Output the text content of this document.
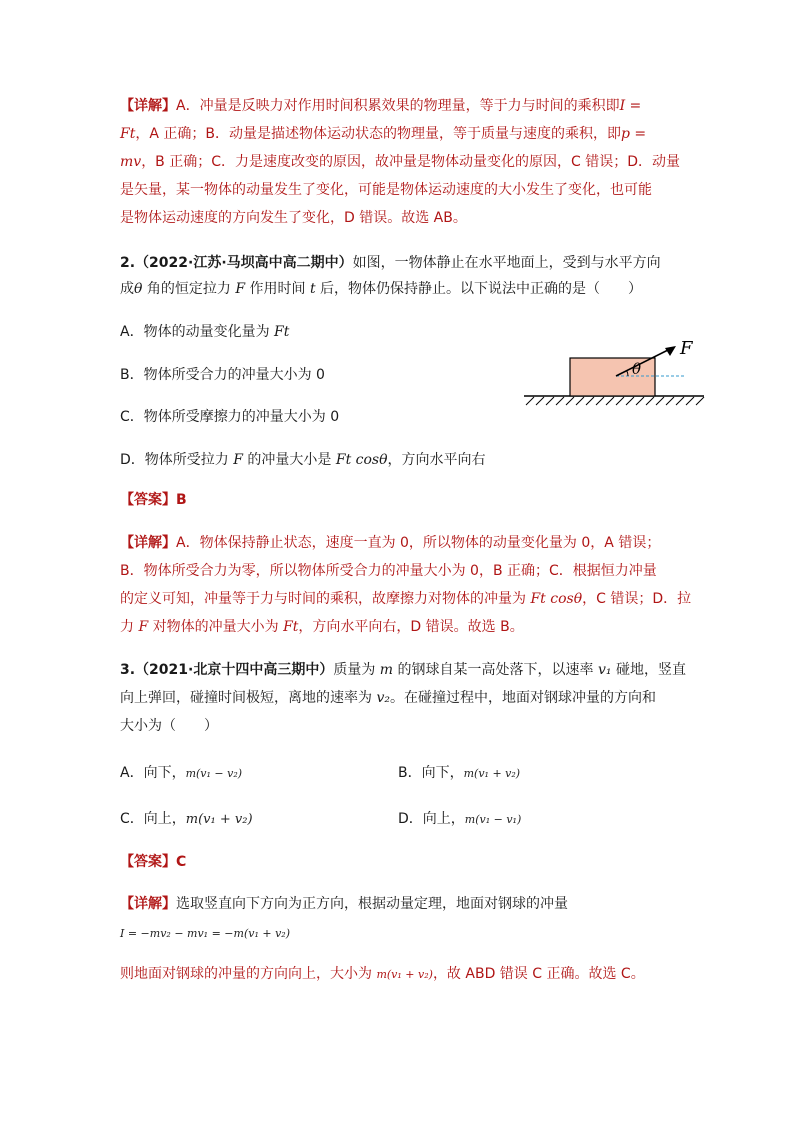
【详解】A．冲量是反映力对作用时间积累效果的物理量，等于力与时间的乘积即I =
Ft，A 正确；B．动量是描述物体运动状态的物理量，等于质量与速度的乘积，即p =
mv，B 正确；C．力是速度改变的原因，故冲量是物体动量变化的原因，C 错误；D．动量
是矢量，某一物体的动量发生了变化，可能是物体运动速度的大小发生了变化，也可能
是物体运动速度的方向发生了变化，D 错误。故选 AB。
2.（2022·江苏·马坝高中高二期中）如图，一物体静止在水平地面上，受到与水平方向
成θ 角的恒定拉力 F 作用时间 t 后，物体仍保持静止。以下说法中正确的是（　　）
A．物体的动量变化量为 Ft
B．物体所受合力的冲量大小为 0
C．物体所受摩擦力的冲量大小为 0
D．物体所受拉力 F 的冲量大小是 Ft cosθ，方向水平向右
θ
F
【答案】B
【详解】A．物体保持静止状态，速度一直为 0，所以物体的动量变化量为 0，A 错误；
B．物体所受合力为零，所以物体所受合力的冲量大小为 0，B 正确；C．根据恒力冲量
的定义可知，冲量等于力与时间的乘积，故摩擦力对物体的冲量为 Ft cosθ，C 错误；D．拉
力 F 对物体的冲量大小为 Ft，方向水平向右，D 错误。故选 B。
3.（2021·北京十四中高三期中）质量为 m 的钢球自某一高处落下，以速率 v₁ 碰地，竖直
向上弹回，碰撞时间极短，离地的速率为 v₂。在碰撞过程中，地面对钢球冲量的方向和
大小为（　　）
A．向下，m(v₁ − v₂)	B．向下，m(v₁ + v₂)
C．向上，m(v₁ + v₂)	D．向上，m(v₁ − v₁)
【答案】C
【详解】选取竖直向下方向为正方向，根据动量定理，地面对钢球的冲量
I = −mv₂ − mv₁ = −m(v₁ + v₂)
则地面对钢球的冲量的方向向上，大小为 m(v₁ + v₂)，故 ABD 错误 C 正确。故选 C。
